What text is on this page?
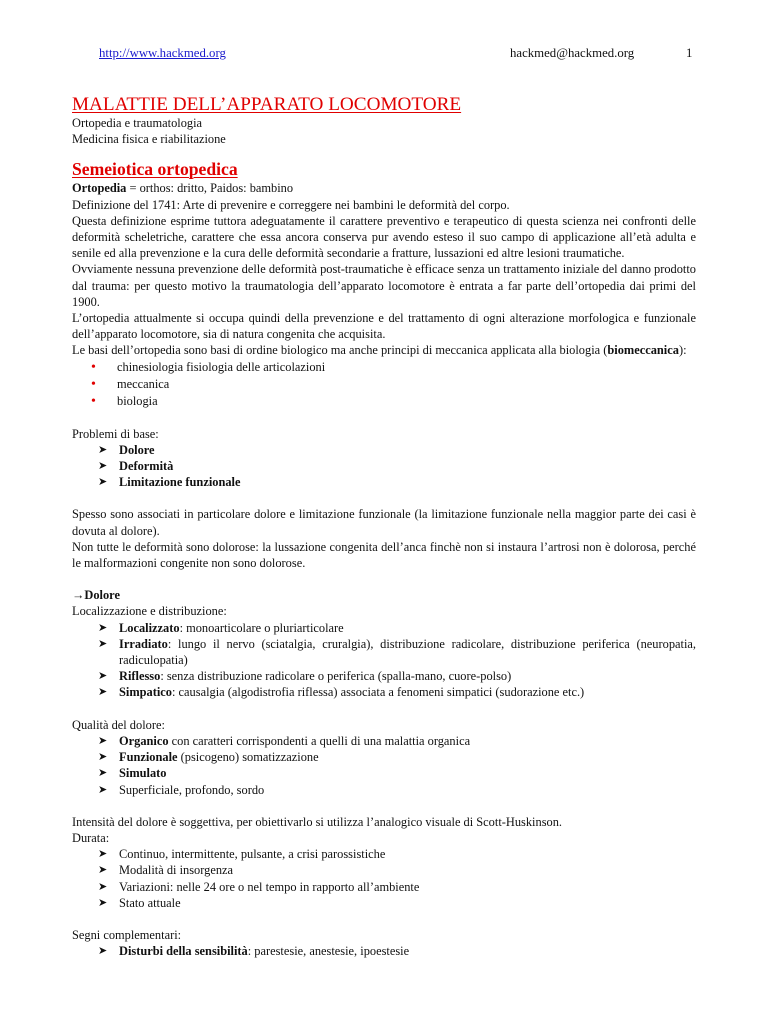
http://www.hackmed.org	hackmed@hackmed.org	1
MALATTIE DELL’APPARATO LOCOMOTORE

Ortopedia e traumatologia

Medicina fisica e riabilitazione

Semeiotica ortopedica

Ortopedia = orthos: dritto, Paidos: bambino

Definizione del 1741: Arte di prevenire e correggere nei bambini le deformità del corpo.

Questa definizione esprime tuttora adeguatamente il carattere preventivo e terapeutico di questa scienza nei confronti delle deformità scheletriche, carattere che essa ancora conserva pur avendo esteso il suo campo di applicazione all’età adulta e senile ed alla prevenzione e la cura delle deformità secondarie a fratture, lussazioni ed altre lesioni traumatiche.

Ovviamente nessuna prevenzione delle deformità post-traumatiche è efficace senza un trattamento iniziale del danno prodotto dal trauma: per questo motivo la traumatologia dell’apparato locomotore è entrata a far parte dell’ortopedia dai primi del 1900.

L’ortopedia attualmente si occupa quindi della prevenzione e del trattamento di ogni alterazione morfologica e funzionale dell’apparato locomotore, sia di natura congenita che acquisita.

Le basi dell’ortopedia sono basi di ordine biologico ma anche principi di meccanica applicata alla biologia (biomeccanica):

• chinesiologia fisiologia delle articolazioni
• meccanica
• biologia

Problemi di base:

➤ Dolore
➤ Deformità
➤ Limitazione funzionale

Spesso sono associati in particolare dolore e limitazione funzionale (la limitazione funzionale nella maggior parte dei casi è dovuta al dolore).

Non tutte le deformità sono dolorose: la lussazione congenita dell’anca finchè non si instaura l’artrosi non è dolorosa, perché le malformazioni congenite non sono dolorose.

→Dolore

Localizzazione e distribuzione:

➤ Localizzato: monoarticolare o pluriarticolare
➤ Irradiato: lungo il nervo (sciatalgia, cruralgia), distribuzione radicolare, distribuzione periferica (neuropatia, radiculopatia)
➤ Riflesso: senza distribuzione radicolare o periferica (spalla-mano, cuore-polso)
➤ Simpatico: causalgia (algodistrofia riflessa) associata a fenomeni simpatici (sudorazione etc.)

Qualità del dolore:

➤ Organico con caratteri corrispondenti a quelli di una malattia organica
➤ Funzionale (psicogeno) somatizzazione
➤ Simulato
➤ Superficiale, profondo, sordo

Intensità del dolore è soggettiva, per obiettivarlo si utilizza l’analogico visuale di Scott-Huskinson.

Durata:

➤ Continuo, intermittente, pulsante, a crisi parossistiche
➤ Modalità di insorgenza
➤ Variazioni: nelle 24 ore o nel tempo in rapporto all’ambiente
➤ Stato attuale

Segni complementari:

➤ Disturbi della sensibilità: parestesie, anestesie, ipoestesie
